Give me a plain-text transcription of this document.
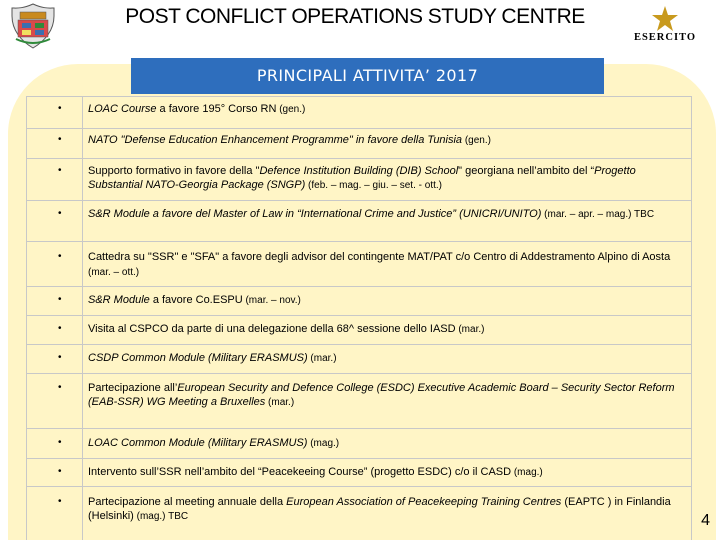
POST CONFLICT OPERATIONS STUDY CENTRE
ESERCITO
PRINCIPALI ATTIVITA’ 2017
• LOAC Course a favore 195° Corso RN (gen.)
• NATO "Defense Education Enhancement Programme" in favore della Tunisia (gen.)
• Supporto formativo in favore della "Defence Institution Building (DIB) School" georgiana nell’ambito del “Progetto Substantial NATO-Georgia Package (SNGP) (feb. – mag. – giu. – set. - ott.)
• S&R Module a favore del Master of Law in “International Crime and Justice” (UNICRI/UNITO) (mar. – apr. – mag.) TBC
• Cattedra su "SSR" e "SFA" a favore degli advisor del contingente MAT/PAT c/o Centro di Addestramento Alpino di Aosta (mar. – ott.)
• S&R Module a favore Co.ESPU (mar. – nov.)
• Visita al CSPCO da parte di una delegazione della 68^ sessione dello IASD (mar.)
• CSDP Common Module (Military ERASMUS) (mar.)
• Partecipazione all’European Security and Defence College (ESDC) Executive Academic Board – Security Sector Reform (EAB-SSR) WG Meeting a Bruxelles (mar.)
• LOAC Common Module (Military ERASMUS) (mag.)
• Intervento sull’SSR nell’ambito del “Peacekeeing Course” (progetto ESDC) c/o il CASD (mag.)
• Partecipazione al meeting annuale della European Association of Peacekeeping Training Centres (EAPTC ) in Finlandia (Helsinki) (mag.) TBC	4
